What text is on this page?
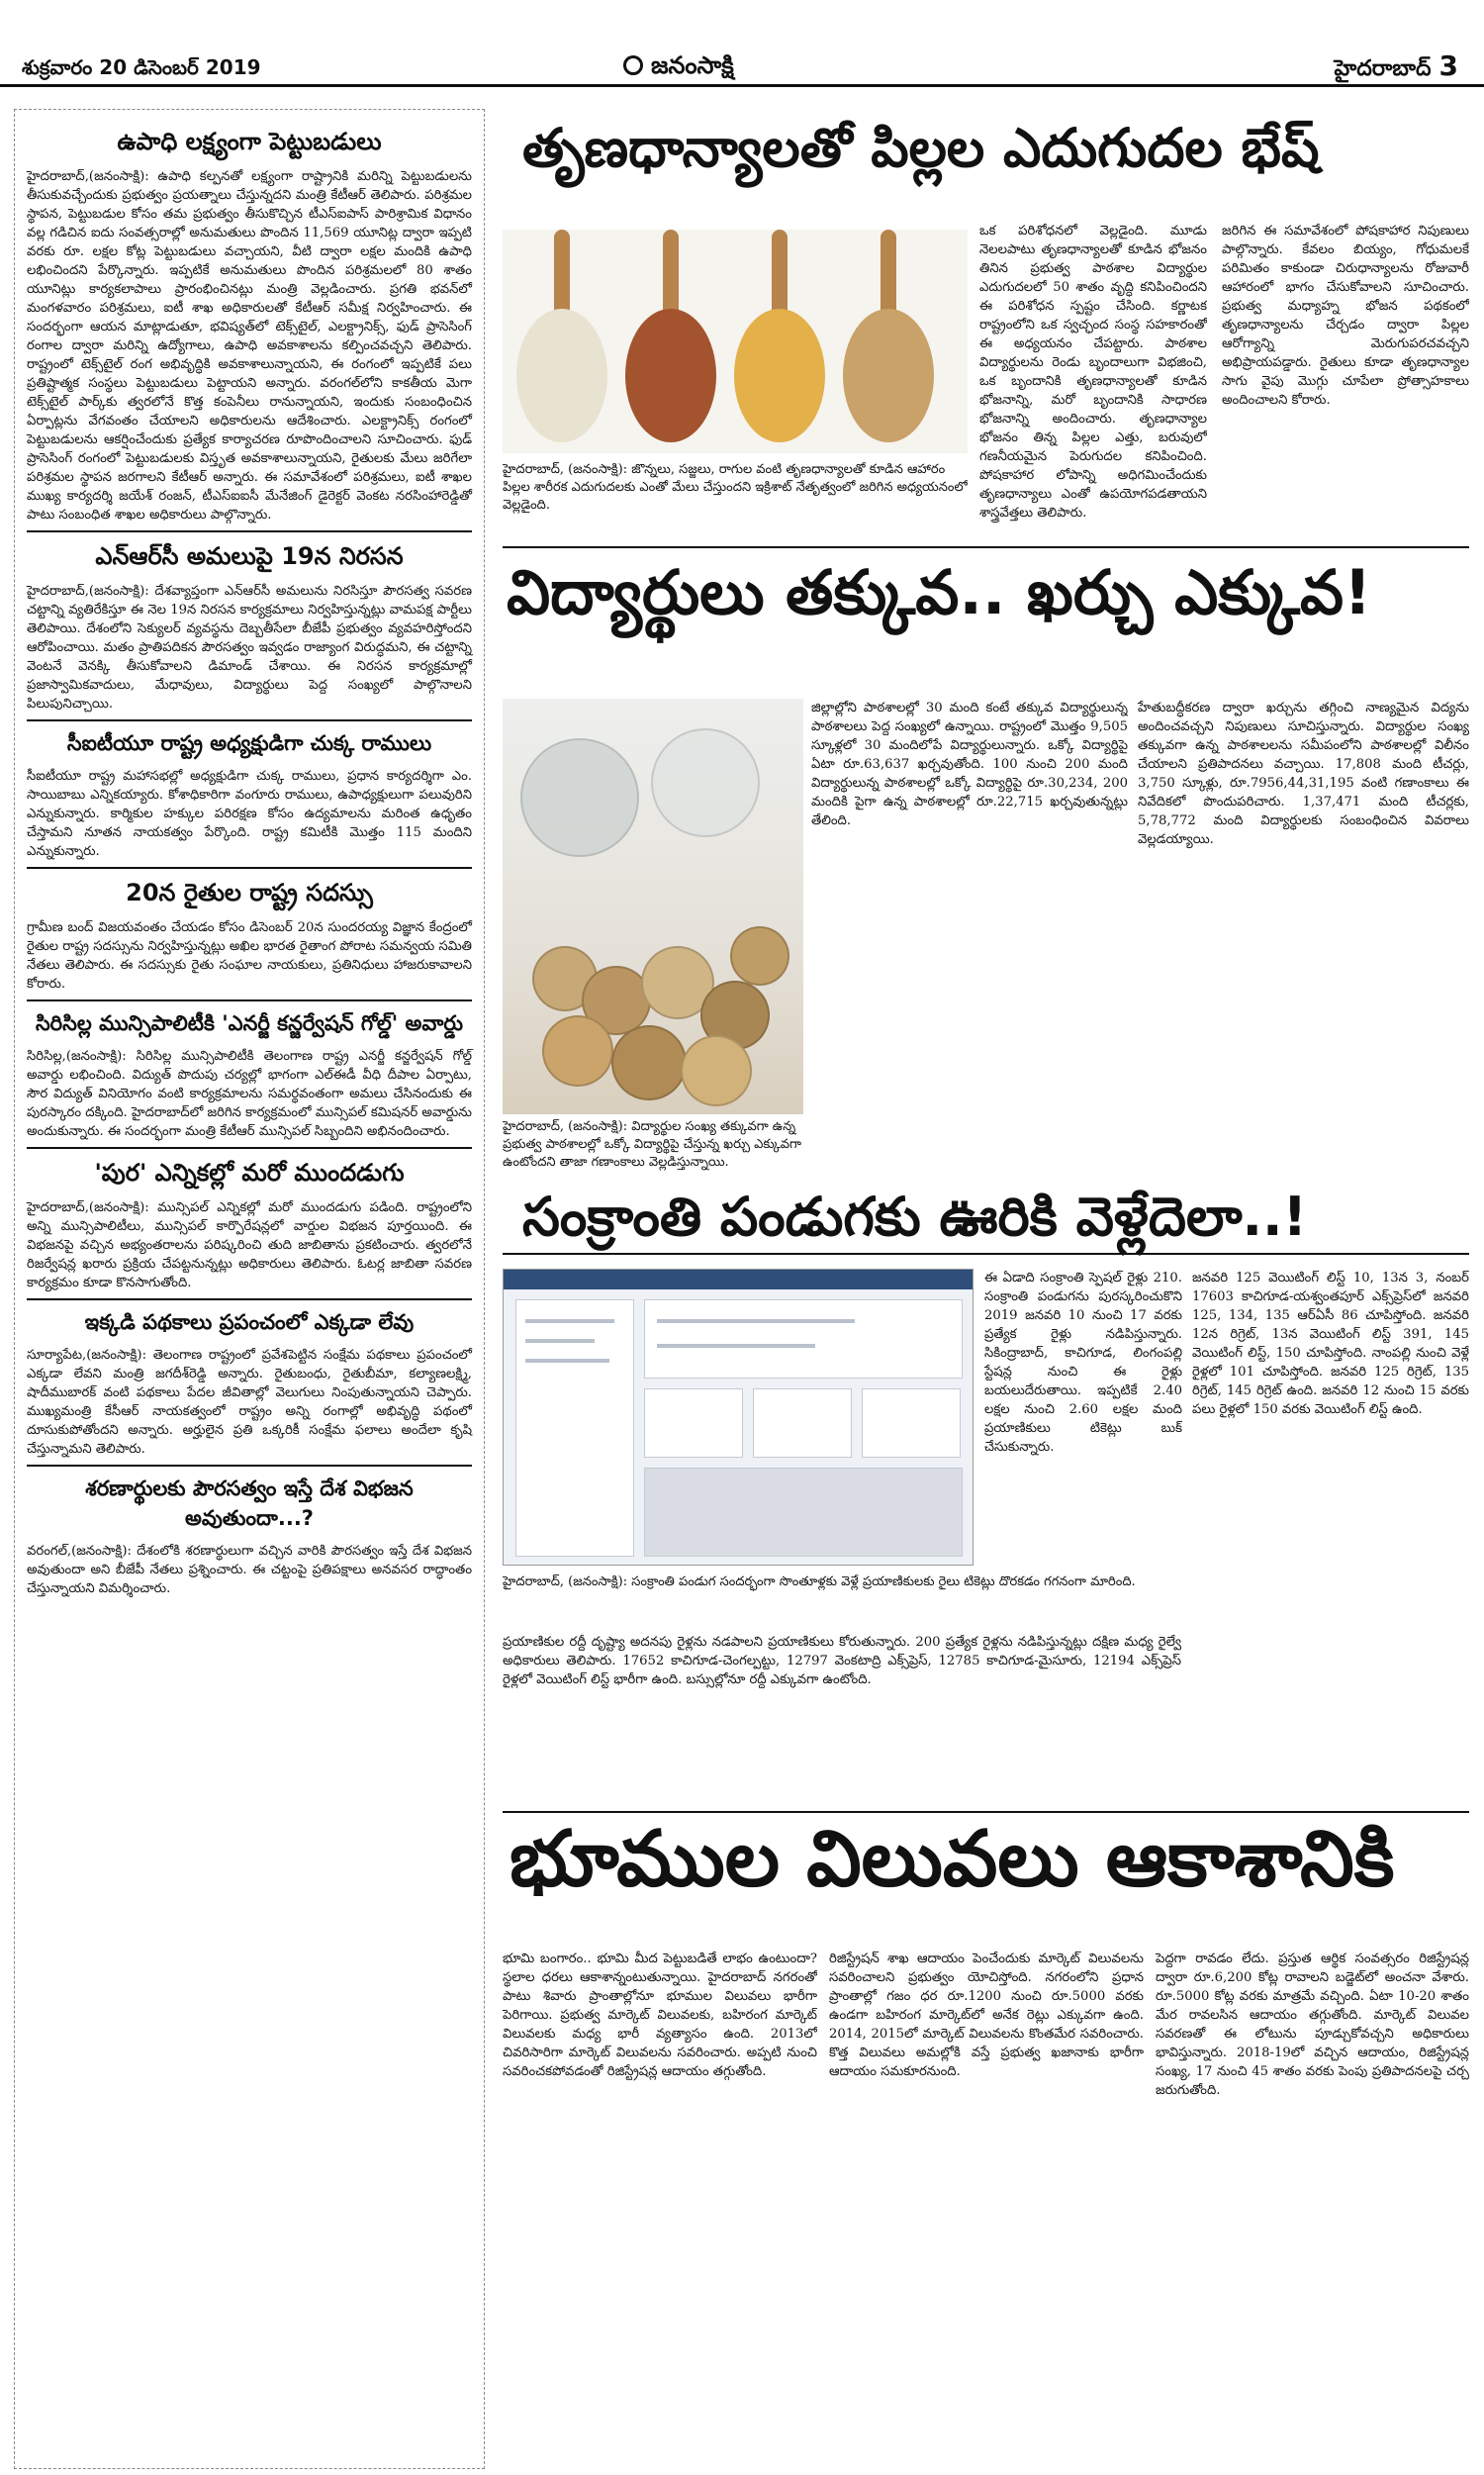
శుక్రవారం 20 డిసెంబర్ 2019	జనంసాక్షి	హైదరాబాద్ 3
ఉపాధి లక్ష్యంగా పెట్టుబడులు

హైదరాబాద్,(జనంసాక్షి): ఉపాధి కల్పనతో లక్ష్యంగా రాష్ట్రానికి మరిన్ని పెట్టుబడులను తీసుకువచ్చేందుకు ప్రభుత్వం ప్రయత్నాలు చేస్తున్నదని మంత్రి కేటీఆర్ తెలిపారు. పరిశ్రమల స్థాపన, పెట్టుబడుల కోసం తమ ప్రభుత్వం తీసుకొచ్చిన టీఎస్‌ఐపాస్ పారిశ్రామిక విధానం వల్ల గడిచిన ఐదు సంవత్సరాల్లో అనుమతులు పొందిన 11,569 యూనిట్ల ద్వారా ఇప్పటి వరకు రూ. లక్షల కోట్ల పెట్టుబడులు వచ్చాయని, వీటి ద్వారా లక్షల మందికి ఉపాధి లభించిందని పేర్కొన్నారు. ఇప్పటికే అనుమతులు పొందిన పరిశ్రమలలో 80 శాతం యూనిట్లు కార్యకలాపాలు ప్రారంభించినట్లు మంత్రి వెల్లడించారు. ప్రగతి భవన్‌లో మంగళవారం పరిశ్రమలు, ఐటీ శాఖ అధికారులతో కేటీఆర్ సమీక్ష నిర్వహించారు. ఈ సందర్భంగా ఆయన మాట్లాడుతూ, భవిష్యత్‌లో టెక్స్‌టైల్, ఎలక్ట్రానిక్స్, ఫుడ్ ప్రాసెసింగ్ రంగాల ద్వారా మరిన్ని ఉద్యోగాలు, ఉపాధి అవకాశాలను కల్పించవచ్చని తెలిపారు. రాష్ట్రంలో టెక్స్‌టైల్ రంగ అభివృద్ధికి అవకాశాలున్నాయని, ఈ రంగంలో ఇప్పటికే పలు ప్రతిష్టాత్మక సంస్థలు పెట్టుబడులు పెట్టాయని అన్నారు. వరంగల్‌లోని కాకతీయ మెగా టెక్స్‌టైల్ పార్క్‌కు త్వరలోనే కొత్త కంపెనీలు రానున్నాయని, ఇందుకు సంబంధించిన ఏర్పాట్లను వేగవంతం చేయాలని అధికారులను ఆదేశించారు. ఎలక్ట్రానిక్స్ రంగంలో పెట్టుబడులను ఆకర్షించేందుకు ప్రత్యేక కార్యాచరణ రూపొందించాలని సూచించారు. ఫుడ్ ప్రాసెసింగ్ రంగంలో పెట్టుబడులకు విస్తృత అవకాశాలున్నాయని, రైతులకు మేలు జరిగేలా పరిశ్రమల స్థాపన జరగాలని కేటీఆర్ అన్నారు. ఈ సమావేశంలో పరిశ్రమలు, ఐటీ శాఖల ముఖ్య కార్యదర్శి జయేశ్ రంజన్, టీఎస్‌ఐఐసీ మేనేజింగ్ డైరెక్టర్ వెంకట నరసింహారెడ్డితో పాటు సంబంధిత శాఖల అధికారులు పాల్గొన్నారు.

ఎన్‌ఆర్‌సీ అమలుపై 19న నిరసన

హైదరాబాద్,(జనంసాక్షి): దేశవ్యాప్తంగా ఎన్‌ఆర్‌సీ అమలును నిరసిస్తూ పౌరసత్వ సవరణ చట్టాన్ని వ్యతిరేకిస్తూ ఈ నెల 19న నిరసన కార్యక్రమాలు నిర్వహిస్తున్నట్లు వామపక్ష పార్టీలు తెలిపాయి. దేశంలోని సెక్యులర్ వ్యవస్థను దెబ్బతీసేలా బీజేపీ ప్రభుత్వం వ్యవహరిస్తోందని ఆరోపించాయి. మతం ప్రాతిపదికన పౌరసత్వం ఇవ్వడం రాజ్యాంగ విరుద్ధమని, ఈ చట్టాన్ని వెంటనే వెనక్కి తీసుకోవాలని డిమాండ్ చేశాయి. ఈ నిరసన కార్యక్రమాల్లో ప్రజాస్వామికవాదులు, మేధావులు, విద్యార్థులు పెద్ద సంఖ్యలో పాల్గొనాలని పిలుపునిచ్చాయి.

సీఐటీయూ రాష్ట్ర అధ్యక్షుడిగా చుక్క రాములు

సీఐటీయూ రాష్ట్ర మహాసభల్లో అధ్యక్షుడిగా చుక్క రాములు, ప్రధాన కార్యదర్శిగా ఎం. సాయిబాబు ఎన్నికయ్యారు. కోశాధికారిగా వంగూరు రాములు, ఉపాధ్యక్షులుగా పలువురిని ఎన్నుకున్నారు. కార్మికుల హక్కుల పరిరక్షణ కోసం ఉద్యమాలను మరింత ఉధృతం చేస్తామని నూతన నాయకత్వం పేర్కొంది. రాష్ట్ర కమిటీకి మొత్తం 115 మందిని ఎన్నుకున్నారు.

20న రైతుల రాష్ట్ర సదస్సు

గ్రామీణ బంద్ విజయవంతం చేయడం కోసం డిసెంబర్ 20న సుందరయ్య విజ్ఞాన కేంద్రంలో రైతుల రాష్ట్ర సదస్సును నిర్వహిస్తున్నట్లు అఖిల భారత రైతాంగ పోరాట సమన్వయ సమితి నేతలు తెలిపారు. ఈ సదస్సుకు రైతు సంఘాల నాయకులు, ప్రతినిధులు హాజరుకావాలని కోరారు.

సిరిసిల్ల మున్సిపాలిటీకి 'ఎనర్జీ కన్జర్వేషన్ గోల్డ్' అవార్డు

సిరిసిల్ల,(జనంసాక్షి): సిరిసిల్ల మున్సిపాలిటీకి తెలంగాణ రాష్ట్ర ఎనర్జీ కన్జర్వేషన్ గోల్డ్ అవార్డు లభించింది. విద్యుత్ పొదుపు చర్యల్లో భాగంగా ఎల్‌ఈడీ వీధి దీపాల ఏర్పాటు, సౌర విద్యుత్ వినియోగం వంటి కార్యక్రమాలను సమర్థవంతంగా అమలు చేసినందుకు ఈ పురస్కారం దక్కింది. హైదరాబాద్‌లో జరిగిన కార్యక్రమంలో మున్సిపల్ కమిషనర్ అవార్డును అందుకున్నారు. ఈ సందర్భంగా మంత్రి కేటీఆర్ మున్సిపల్ సిబ్బందిని అభినందించారు.

'పుర' ఎన్నికల్లో మరో ముందడుగు

హైదరాబాద్,(జనంసాక్షి): మున్సిపల్ ఎన్నికల్లో మరో ముందడుగు పడింది. రాష్ట్రంలోని అన్ని మున్సిపాలిటీలు, మున్సిపల్ కార్పొరేషన్లలో వార్డుల విభజన పూర్తయింది. ఈ విభజనపై వచ్చిన అభ్యంతరాలను పరిష్కరించి తుది జాబితాను ప్రకటించారు. త్వరలోనే రిజర్వేషన్ల ఖరారు ప్రక్రియ చేపట్టనున్నట్లు అధికారులు తెలిపారు. ఓటర్ల జాబితా సవరణ కార్యక్రమం కూడా కొనసాగుతోంది.

ఇక్కడి పథకాలు ప్రపంచంలో ఎక్కడా లేవు

సూర్యాపేట,(జనంసాక్షి): తెలంగాణ రాష్ట్రంలో ప్రవేశపెట్టిన సంక్షేమ పథకాలు ప్రపంచంలో ఎక్కడా లేవని మంత్రి జగదీశ్‌రెడ్డి అన్నారు. రైతుబంధు, రైతుబీమా, కల్యాణలక్ష్మి, షాదీముబారక్ వంటి పథకాలు పేదల జీవితాల్లో వెలుగులు నింపుతున్నాయని చెప్పారు. ముఖ్యమంత్రి కేసీఆర్ నాయకత్వంలో రాష్ట్రం అన్ని రంగాల్లో అభివృద్ధి పథంలో దూసుకుపోతోందని అన్నారు. అర్హులైన ప్రతి ఒక్కరికీ సంక్షేమ ఫలాలు అందేలా కృషి చేస్తున్నామని తెలిపారు.

శరణార్థులకు పౌరసత్వం ఇస్తే దేశ విభజన అవుతుందా...?

వరంగల్,(జనంసాక్షి): దేశంలోకి శరణార్థులుగా వచ్చిన వారికి పౌరసత్వం ఇస్తే దేశ విభజన అవుతుందా అని బీజేపీ నేతలు ప్రశ్నించారు. ఈ చట్టంపై ప్రతిపక్షాలు అనవసర రాద్ధాంతం చేస్తున్నాయని విమర్శించారు.

తృణధాన్యాలతో పిల్లల ఎదుగుదల భేష్
హైదరాబాద్, (జనంసాక్షి): జొన్నలు, సజ్జలు, రాగుల వంటి తృణధాన్యాలతో కూడిన ఆహారం పిల్లల శారీరక ఎదుగుదలకు ఎంతో మేలు చేస్తుందని ఇక్రిశాట్ నేతృత్వంలో జరిగిన అధ్యయనంలో వెల్లడైంది.
ఒక పరిశోధనలో వెల్లడైంది. మూడు నెలలపాటు తృణధాన్యాలతో కూడిన భోజనం తినిన ప్రభుత్వ పాఠశాల విద్యార్థుల ఎదుగుదలలో 50 శాతం వృద్ధి కనిపించిందని ఈ పరిశోధన స్పష్టం చేసింది. కర్ణాటక రాష్ట్రంలోని ఒక స్వచ్ఛంద సంస్థ సహకారంతో ఈ అధ్యయనం చేపట్టారు. పాఠశాల విద్యార్థులను రెండు బృందాలుగా విభజించి, ఒక బృందానికి తృణధాన్యాలతో కూడిన భోజనాన్ని, మరో బృందానికి సాధారణ భోజనాన్ని అందించారు. తృణధాన్యాల భోజనం తిన్న పిల్లల ఎత్తు, బరువులో గణనీయమైన పెరుగుదల కనిపించింది. పోషకాహార లోపాన్ని అధిగమించేందుకు తృణధాన్యాలు ఎంతో ఉపయోగపడతాయని శాస్త్రవేత్తలు తెలిపారు.
జరిగిన ఈ సమావేశంలో పోషకాహార నిపుణులు పాల్గొన్నారు. కేవలం బియ్యం, గోధుమలకే పరిమితం కాకుండా చిరుధాన్యాలను రోజువారీ ఆహారంలో భాగం చేసుకోవాలని సూచించారు. ప్రభుత్వ మధ్యాహ్న భోజన పథకంలో తృణధాన్యాలను చేర్చడం ద్వారా పిల్లల ఆరోగ్యాన్ని మెరుగుపరచవచ్చని అభిప్రాయపడ్డారు. రైతులు కూడా తృణధాన్యాల సాగు వైపు మొగ్గు చూపేలా ప్రోత్సాహకాలు అందించాలని కోరారు.
విద్యార్థులు తక్కువ.. ఖర్చు ఎక్కువ!
హైదరాబాద్, (జనంసాక్షి): విద్యార్థుల సంఖ్య తక్కువగా ఉన్న ప్రభుత్వ పాఠశాలల్లో ఒక్కో విద్యార్థిపై చేస్తున్న ఖర్చు ఎక్కువగా ఉంటోందని తాజా గణాంకాలు వెల్లడిస్తున్నాయి.
జిల్లాల్లోని పాఠశాలల్లో 30 మంది కంటే తక్కువ విద్యార్థులున్న పాఠశాలలు పెద్ద సంఖ్యలో ఉన్నాయి. రాష్ట్రంలో మొత్తం 9,505 స్కూళ్లలో 30 మందిలోపే విద్యార్థులున్నారు. ఒక్కో విద్యార్థిపై ఏటా రూ.63,637 ఖర్చవుతోంది. 100 నుంచి 200 మంది విద్యార్థులున్న పాఠశాలల్లో ఒక్కో విద్యార్థిపై రూ.30,234, 200 మందికి పైగా ఉన్న పాఠశాలల్లో రూ.22,715 ఖర్చవుతున్నట్లు తేలింది.
హేతుబద్ధీకరణ ద్వారా ఖర్చును తగ్గించి నాణ్యమైన విద్యను అందించవచ్చని నిపుణులు సూచిస్తున్నారు. విద్యార్థుల సంఖ్య తక్కువగా ఉన్న పాఠశాలలను సమీపంలోని పాఠశాలల్లో విలీనం చేయాలని ప్రతిపాదనలు వచ్చాయి. 17,808 మంది టీచర్లు, 3,750 స్కూళ్లు, రూ.7956,44,31,195 వంటి గణాంకాలు ఈ నివేదికలో పొందుపరిచారు. 1,37,471 మంది టీచర్లకు, 5,78,772 మంది విద్యార్థులకు సంబంధించిన వివరాలు వెల్లడయ్యాయి.
సంక్రాంతి పండుగకు ఊరికి వెళ్లేదెలా..!
ఈ ఏడాది సంక్రాంతి స్పెషల్ రైళ్లు 210. సంక్రాంతి పండుగను పురస్కరించుకొని 2019 జనవరి 10 నుంచి 17 వరకు ప్రత్యేక రైళ్లు నడిపిస్తున్నారు. సికింద్రాబాద్, కాచిగూడ, లింగంపల్లి స్టేషన్ల నుంచి ఈ రైళ్లు బయలుదేరుతాయి. ఇప్పటికే 2.40 లక్షల నుంచి 2.60 లక్షల మంది ప్రయాణికులు టికెట్లు బుక్ చేసుకున్నారు.
జనవరి 125 వెయిటింగ్ లిస్ట్ 10, 13న 3, నంబర్ 17603 కాచిగూడ-యశ్వంతపూర్ ఎక్స్‌ప్రెస్‌లో జనవరి 125, 134, 135 ఆర్ఏసీ 86 చూపిస్తోంది. జనవరి 12న రిగ్రెట్, 13న వెయిటింగ్ లిస్ట్ 391, 145 వెయిటింగ్ లిస్ట్, 150 చూపిస్తోంది. నాంపల్లి నుంచి వెళ్లే రైళ్లలో 101 చూపిస్తోంది. జనవరి 125 రిగ్రెట్, 135 రిగ్రెట్, 145 రిగ్రెట్ ఉంది. జనవరి 12 నుంచి 15 వరకు పలు రైళ్లలో 150 వరకు వెయిటింగ్ లిస్ట్ ఉంది.
హైదరాబాద్, (జనంసాక్షి): సంక్రాంతి పండుగ సందర్భంగా సొంతూళ్లకు వెళ్లే ప్రయాణికులకు రైలు టికెట్లు దొరకడం గగనంగా మారింది.
ప్రయాణికుల రద్దీ దృష్ట్యా అదనపు రైళ్లను నడపాలని ప్రయాణికులు కోరుతున్నారు. 200 ప్రత్యేక రైళ్లను నడిపిస్తున్నట్లు దక్షిణ మధ్య రైల్వే అధికారులు తెలిపారు. 17652 కాచిగూడ-చెంగల్పట్టు, 12797 వెంకటాద్రి ఎక్స్‌ప్రెస్, 12785 కాచిగూడ-మైసూరు, 12194 ఎక్స్‌ప్రెస్ రైళ్లలో వెయిటింగ్ లిస్ట్ భారీగా ఉంది. బస్సుల్లోనూ రద్దీ ఎక్కువగా ఉంటోంది.
భూముల విలువలు ఆకాశానికి
భూమి బంగారం.. భూమి మీద పెట్టుబడితే లాభం ఉంటుందా? స్థలాల ధరలు ఆకాశాన్నంటుతున్నాయి. హైదరాబాద్ నగరంతో పాటు శివారు ప్రాంతాల్లోనూ భూముల విలువలు భారీగా పెరిగాయి. ప్రభుత్వ మార్కెట్ విలువలకు, బహిరంగ మార్కెట్ విలువలకు మధ్య భారీ వ్యత్యాసం ఉంది. 2013లో చివరిసారిగా మార్కెట్ విలువలను సవరించారు. అప్పటి నుంచి సవరించకపోవడంతో రిజిస్ట్రేషన్ల ఆదాయం తగ్గుతోంది.
రిజిస్ట్రేషన్ శాఖ ఆదాయం పెంచేందుకు మార్కెట్ విలువలను సవరించాలని ప్రభుత్వం యోచిస్తోంది. నగరంలోని ప్రధాన ప్రాంతాల్లో గజం ధర రూ.1200 నుంచి రూ.5000 వరకు ఉండగా బహిరంగ మార్కెట్‌లో అనేక రెట్లు ఎక్కువగా ఉంది. 2014, 2015లో మార్కెట్ విలువలను కొంతమేర సవరించారు. కొత్త విలువలు అమల్లోకి వస్తే ప్రభుత్వ ఖజానాకు భారీగా ఆదాయం సమకూరనుంది.
పెద్దగా రావడం లేదు. ప్రస్తుత ఆర్థిక సంవత్సరం రిజిస్ట్రేషన్ల ద్వారా రూ.6,200 కోట్ల రావాలని బడ్జెట్‌లో అంచనా వేశారు. రూ.5000 కోట్ల వరకు మాత్రమే వచ్చింది. ఏటా 10-20 శాతం మేర రావలసిన ఆదాయం తగ్గుతోంది. మార్కెట్ విలువల సవరణతో ఈ లోటును పూడ్చుకోవచ్చని అధికారులు భావిస్తున్నారు. 2018-19లో వచ్చిన ఆదాయం, రిజిస్ట్రేషన్ల సంఖ్య, 17 నుంచి 45 శాతం వరకు పెంపు ప్రతిపాదనలపై చర్చ జరుగుతోంది.
